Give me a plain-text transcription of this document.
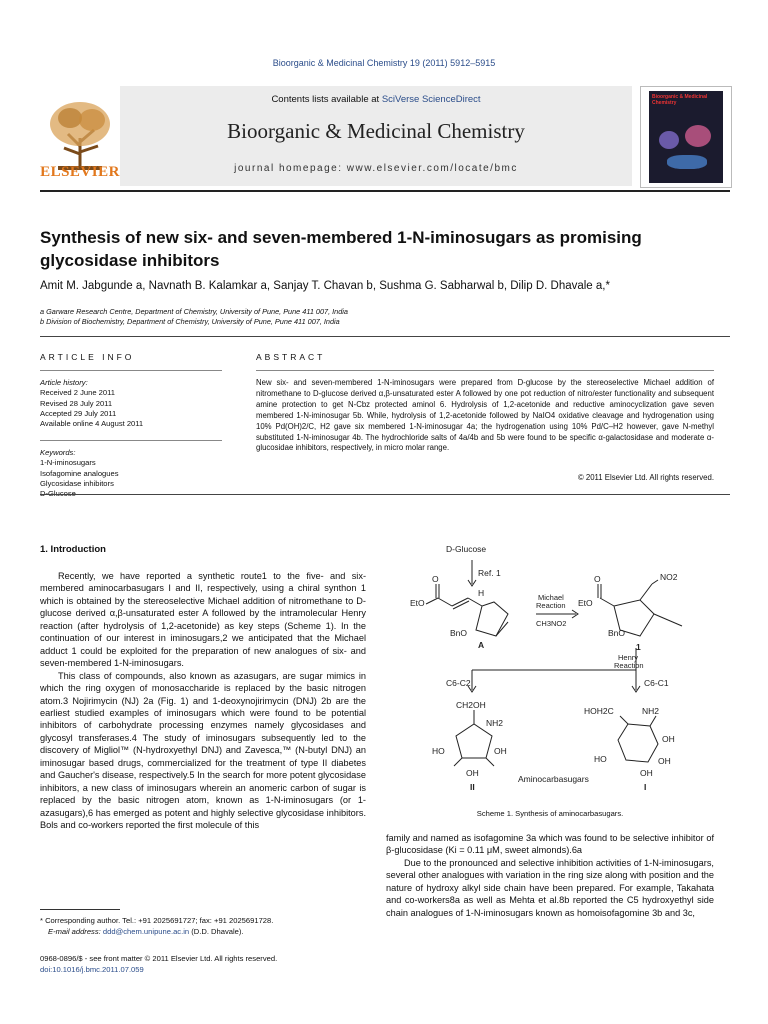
Bioorganic & Medicinal Chemistry 19 (2011) 5912–5915
Contents lists available at SciVerse ScienceDirect
Bioorganic & Medicinal Chemistry
journal homepage: www.elsevier.com/locate/bmc
ELSEVIER
Bioorganic & Medicinal Chemistry
Synthesis of new six- and seven-membered 1-N-iminosugars as promising
glycosidase inhibitors
Amit M. Jabgunde a, Navnath B. Kalamkar a, Sanjay T. Chavan b, Sushma G. Sabharwal b, Dilip D. Dhavale a,*
a Garware Research Centre, Department of Chemistry, University of Pune, Pune 411 007, India
b Division of Biochemistry, Department of Chemistry, University of Pune, Pune 411 007, India
ARTICLE INFO
Article history:
Received 2 June 2011
Revised 28 July 2011
Accepted 29 July 2011
Available online 4 August 2011
Keywords:
1-N-iminosugars
Isofagomine analogues
Glycosidase inhibitors
D-Glucose
ABSTRACT
New six- and seven-membered 1-N-iminosugars were prepared from D-glucose by the stereoselective Michael addition of nitromethane to D-glucose derived α,β-unsaturated ester A followed by one pot reduction of nitro/ester functionality and subsequent amine protection to get N-Cbz protected aminol 6. Hydrolysis of 1,2-acetonide and reductive aminocyclization gave seven membered 1-N-iminosugar 5b. While, hydrolysis of 1,2-acetonide followed by NaIO4 oxidative cleavage and hydrogenation using 10% Pd(OH)2/C, H2 gave six membered 1-N-iminosugar 4a; the hydrogenation using 10% Pd/C–H2 however, gave N-methyl substituted 1-N-iminosugar 4b. The hydrochloride salts of 4a/4b and 5b were found to be specific α-galactosidase and moderate α-glucosidae inhibitors, respectively, in micro molar range.
© 2011 Elsevier Ltd. All rights reserved.
1. Introduction

Recently, we have reported a synthetic route1 to the five- and six-membered aminocarbasugars I and II, respectively, using a chiral synthon 1 which is obtained by the stereoselective Michael addition of nitromethane to D-glucose derived α,β-unsaturated ester A followed by the intramolecular Henry reaction (after hydrolysis of 1,2-acetonide) as key steps (Scheme 1). In the continuation of our interest in iminosugars,2 we anticipated that the Michael adduct 1 could be exploited for the preparation of new analogues of six- and seven-membered 1-N-iminosugars.

This class of compounds, also known as azasugars, are sugar mimics in which the ring oxygen of monosaccharide is replaced by the basic nitrogen atom.3 Nojirimycin (NJ) 2a (Fig. 1) and 1-deoxynojirimycin (DNJ) 2b are the earliest studied examples of iminosugars which were found to be potential inhibitors of carbohydrate processing enzymes namely glycosidases and glycosyl transferases.4 The study of iminosugars subsequently led to the discovery of Migliol™ (N-hydroxyethyl DNJ) and Zavesca,™ (N-butyl DNJ) an iminosugar based drugs, commercialized for the treatment of type II diabetes and Gaucher's disease, respectively.5 In the search for more potent glycosidase inhibitors, a new class of iminosugars wherein an anomeric carbon of sugar is replaced by the basic nitrogen atom, known as 1-N-iminosugars (or 1-azasugars),6 has emerged as potent and highly selective glycosidase inhibitors. Bols and co-workers reported the first molecule of this

D-Glucose
Ref. 1
EtO
O
H
BnO
A
Michael
Reaction
CH3NO2
EtO
O	NO2
BnO
1
Henry
Reaction
C6-C2	C6-C1
CH2OH
NH2
HO	OH
OH
II
HOH2C	NH2
OH
HO	OH
OH
I
Aminocarbasugars
Scheme 1. Synthesis of aminocarbasugars.

family and named as isofagomine 3a which was found to be selective inhibitor of β-glucosidase (Ki = 0.11 μM, sweet almonds).6a

Due to the pronounced and selective inhibition activities of 1-N-iminosugars, several other analogues with variation in the ring size along with position and the nature of hydroxy alkyl side chain have been prepared. For example, Takahata and co-workers8a as well as Mehta et al.8b reported the C5 hydroxyethyl side chain analogues of 1-N-iminosugars known as homoisofagomine 3b and 3c,

* Corresponding author. Tel.: +91 2025691727; fax: +91 2025691728.
E-mail address: ddd@chem.unipune.ac.in (D.D. Dhavale).
0968-0896/$ - see front matter © 2011 Elsevier Ltd. All rights reserved.
doi:10.1016/j.bmc.2011.07.059
